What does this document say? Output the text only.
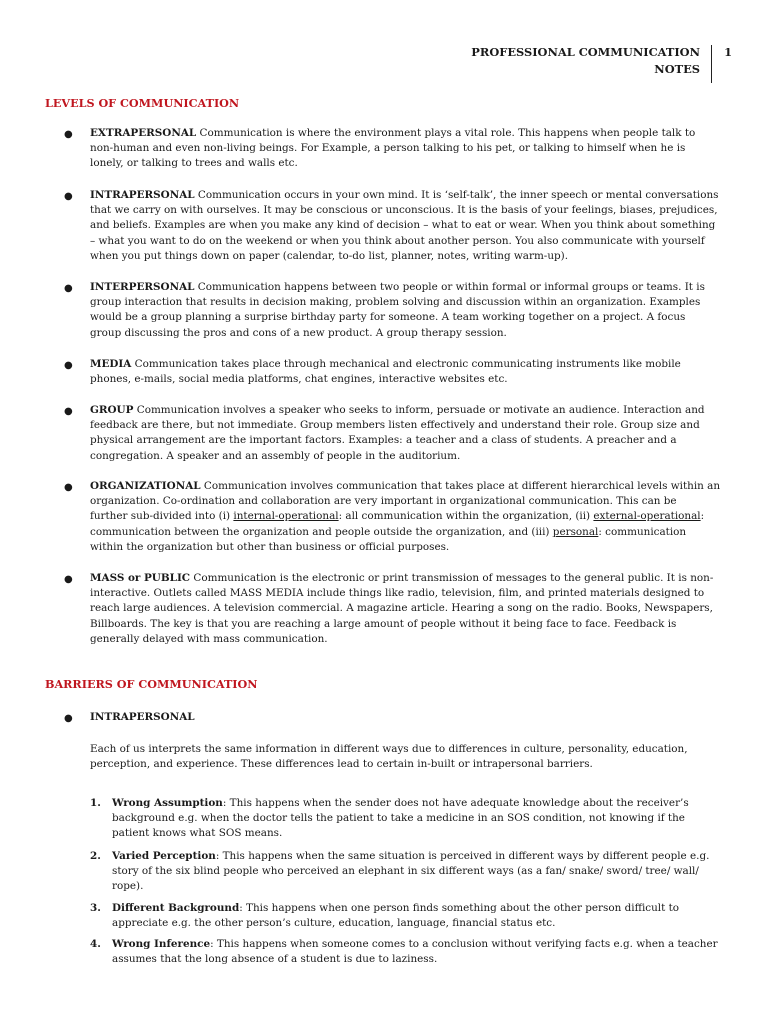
PROFESSIONAL COMMUNICATION
NOTES
1
LEVELS OF COMMUNICATION
● EXTRAPERSONAL Communication is where the environment plays a vital role. This happens when people talk to

non-human and even non-living beings. For Example, a person talking to his pet, or talking to himself when he is

lonely, or talking to trees and walls etc.

● INTRAPERSONAL Communication occurs in your own mind. It is ‘self-talk’, the inner speech or mental conversations

that we carry on with ourselves. It may be conscious or unconscious. It is the basis of your feelings, biases, prejudices,

and beliefs. Examples are when you make any kind of decision – what to eat or wear. When you think about something

– what you want to do on the weekend or when you think about another person. You also communicate with yourself

when you put things down on paper (calendar, to-do list, planner, notes, writing warm-up).

● INTERPERSONAL Communication happens between two people or within formal or informal groups or teams. It is

group interaction that results in decision making, problem solving and discussion within an organization. Examples

would be a group planning a surprise birthday party for someone. A team working together on a project. A focus

group discussing the pros and cons of a new product. A group therapy session.

● MEDIA Communication takes place through mechanical and electronic communicating instruments like mobile

phones, e-mails, social media platforms, chat engines, interactive websites etc.

● GROUP Communication involves a speaker who seeks to inform, persuade or motivate an audience. Interaction and

feedback are there, but not immediate. Group members listen effectively and understand their role. Group size and

physical arrangement are the important factors. Examples: a teacher and a class of students. A preacher and a

congregation. A speaker and an assembly of people in the auditorium.

● ORGANIZATIONAL Communication involves communication that takes place at different hierarchical levels within an

organization. Co-ordination and collaboration are very important in organizational communication. This can be

further sub-divided into (i) internal-operational: all communication within the organization, (ii) external-operational:

communication between the organization and people outside the organization, and (iii) personal: communication

within the organization but other than business or official purposes.

● MASS or PUBLIC Communication is the electronic or print transmission of messages to the general public. It is non-

interactive. Outlets called MASS MEDIA include things like radio, television, film, and printed materials designed to

reach large audiences. A television commercial. A magazine article. Hearing a song on the radio. Books, Newspapers,

Billboards. The key is that you are reaching a large amount of people without it being face to face. Feedback is

generally delayed with mass communication.

BARRIERS OF COMMUNICATION
● INTRAPERSONAL

Each of us interprets the same information in different ways due to differences in culture, personality, education,

perception, and experience. These differences lead to certain in-built or intrapersonal barriers.

1. Wrong Assumption: This happens when the sender does not have adequate knowledge about the receiver’s

background e.g. when the doctor tells the patient to take a medicine in an SOS condition, not knowing if the

patient knows what SOS means.

2. Varied Perception: This happens when the same situation is perceived in different ways by different people e.g.

story of the six blind people who perceived an elephant in six different ways (as a fan/ snake/ sword/ tree/ wall/

rope).

3. Different Background: This happens when one person finds something about the other person difficult to

appreciate e.g. the other person’s culture, education, language, financial status etc.

4. Wrong Inference: This happens when someone comes to a conclusion without verifying facts e.g. when a teacher

assumes that the long absence of a student is due to laziness.
